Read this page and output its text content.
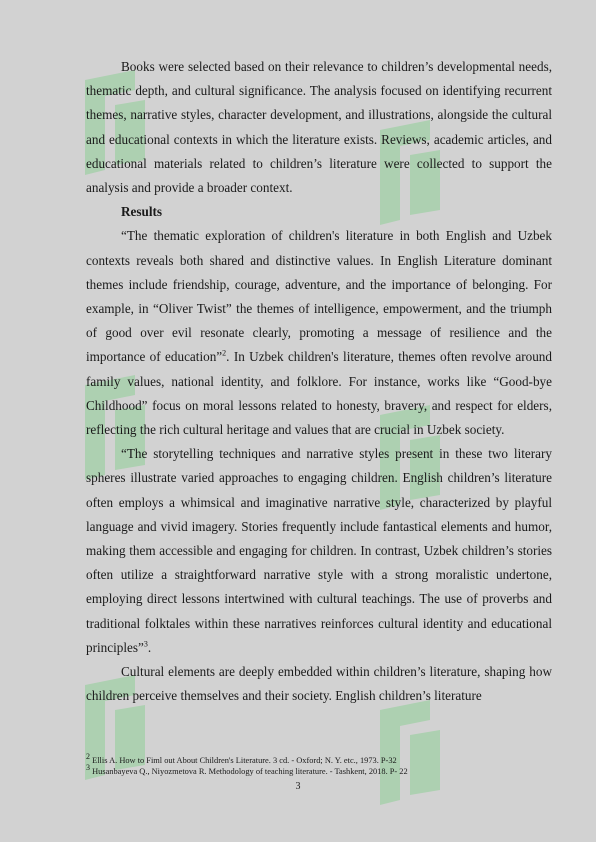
Books were selected based on their relevance to children’s developmental needs, thematic depth, and cultural significance. The analysis focused on identifying recurrent themes, narrative styles, character development, and illustrations, alongside the cultural and educational contexts in which the literature exists. Reviews, academic articles, and educational materials related to children’s literature were collected to support the analysis and provide a broader context.

Results

“The thematic exploration of children's literature in both English and Uzbek contexts reveals both shared and distinctive values. In English Literature dominant themes include friendship, courage, adventure, and the importance of belonging. For example, in “Oliver Twist” the themes of intelligence, empowerment, and the triumph of good over evil resonate clearly, promoting a message of resilience and the importance of education”$^2$. In Uzbek children's literature, themes often revolve around family values, national identity, and folklore. For instance, works like “Good-bye Childhood” focus on moral lessons related to honesty, bravery, and respect for elders, reflecting the rich cultural heritage and values that are crucial in Uzbek society.

“The storytelling techniques and narrative styles present in these two literary spheres illustrate varied approaches to engaging children. English children’s literature often employs a whimsical and imaginative narrative style, characterized by playful language and vivid imagery. Stories frequently include fantastical elements and humor, making them accessible and engaging for children. In contrast, Uzbek children’s stories often utilize a straightforward narrative style with a strong moralistic undertone, employing direct lessons intertwined with cultural teachings. The use of proverbs and traditional folktales within these narratives reinforces cultural identity and educational principles”$^3$.

Cultural elements are deeply embedded within children’s literature, shaping how children perceive themselves and their society. English children’s literature

$^2$ Ellis A. How to Fiml out About Children's Literature. 3 cd. - Oxford; N. Y. etc., 1973. P-32
$^3$ Husanbayeva Q., Niyozmetova R. Methodology of teaching literature. - Tashkent, 2018. P- 22
3
